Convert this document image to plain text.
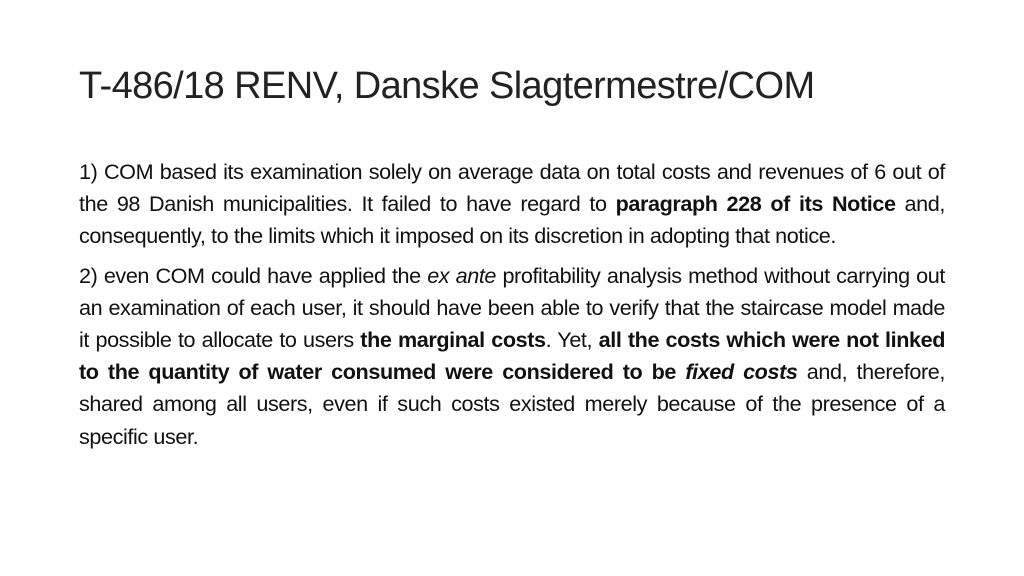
T-486/18 RENV, Danske Slagtermestre/COM

1) COM based its examination solely on average data on total costs and revenues of 6 out of the 98 Danish municipalities. It failed to have regard to paragraph 228 of its Notice and, consequently, to the limits which it imposed on its discretion in adopting that notice.

2) even COM could have applied the ex ante profitability analysis method without carrying out an examination of each user, it should have been able to verify that the staircase model made it possible to allocate to users the marginal costs. Yet, all the costs which were not linked to the quantity of water consumed were considered to be fixed costs and, therefore, shared among all users, even if such costs existed merely because of the presence of a specific user.
